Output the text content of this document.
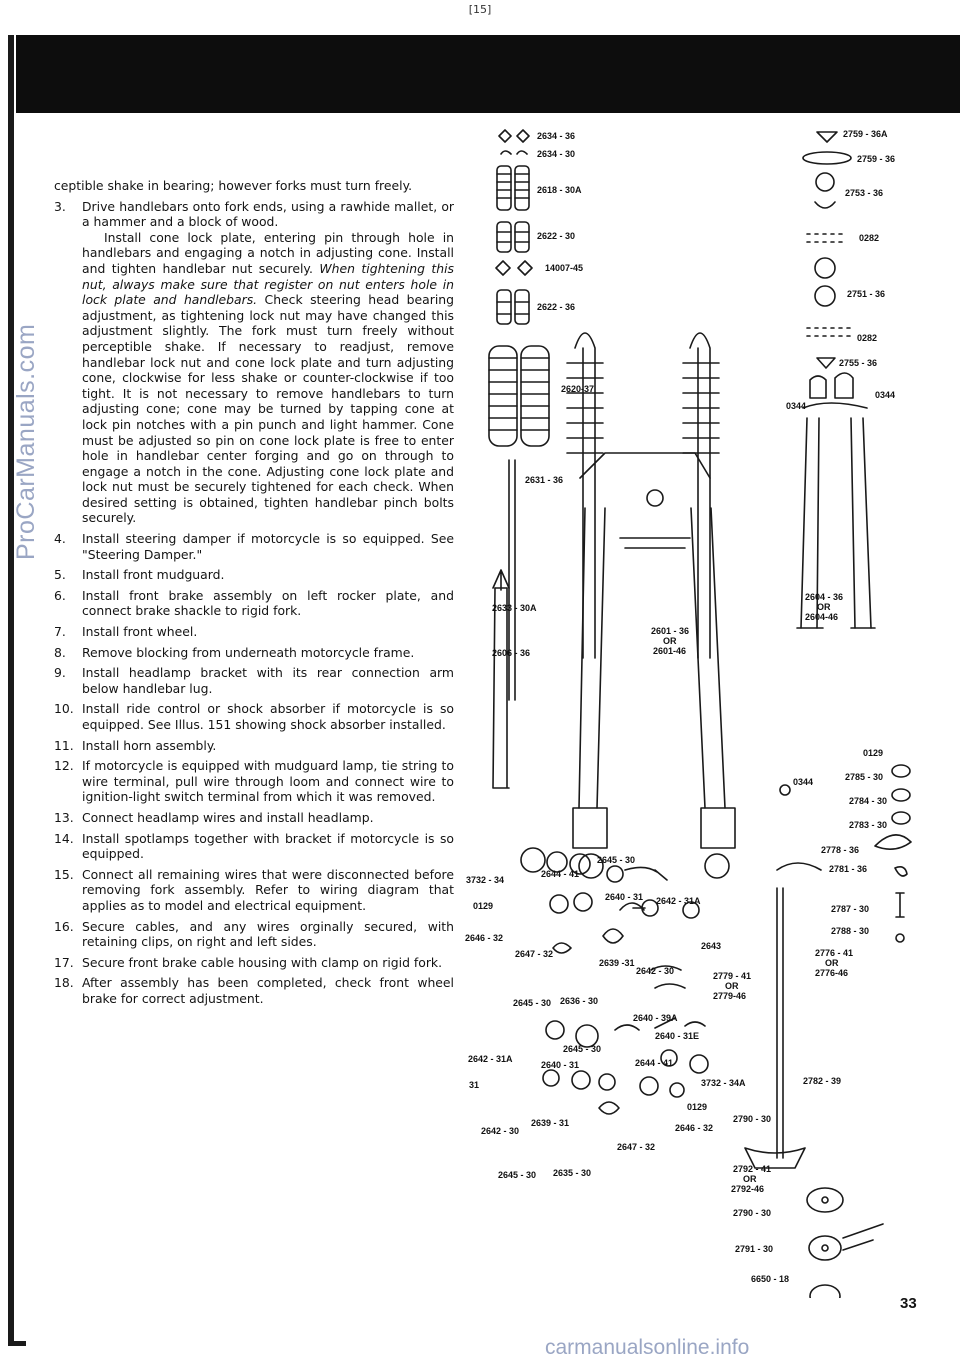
[15]
ProCarManuals.com
carmanualsonline.info
33

ceptible shake in bearing; however forks must turn freely.

3.	Drive handlebars onto fork ends, using a rawhide mallet, or a hammer and a block of wood.

Install cone lock plate, entering pin through hole in handlebars and engaging a notch in adjusting cone. Install and tighten handlebar nut securely. When tightening this nut, always make sure that register on nut enters hole in lock plate and handlebars. Check steering head bearing adjustment, as tightening lock nut may have changed this adjustment slightly. The fork must turn freely without perceptible shake. If necessary to readjust, remove handlebar lock nut and cone lock plate and turn adjusting cone, clockwise for less shake or counter-clockwise if too tight. It is not necessary to remove handlebars to turn adjusting cone; cone may be turned by tapping cone at lock pin notches with a pin punch and light hammer. Cone must be adjusted so pin on cone lock plate is free to enter hole in handlebar center forging and go on through to engage a notch in the cone. Adjusting cone lock plate and lock nut must be securely tightened for each check. When desired setting is obtained, tighten handlebar pinch bolts securely.

4.	Install steering damper if motorcycle is so equipped. See "Steering Damper."
5.	Install front mudguard.
6.	Install front brake assembly on left rocker plate, and connect brake shackle to rigid fork.
7.	Install front wheel.
8.	Remove blocking from underneath motorcycle frame.
9.	Install headlamp bracket with its rear connection arm below handlebar lug.
10. Install ride control or shock absorber if motorcycle is so equipped. See Illus. 151 showing shock absorber installed.
11. Install horn assembly.
12. If motorcycle is equipped with mudguard lamp, tie string to wire terminal, pull wire through loom and connect wire to ignition-light switch terminal from which it was removed.
13. Connect headlamp wires and install headlamp.
14. Install spotlamps together with bracket if motorcycle is so equipped.
15. Connect all remaining wires that were disconnected before removing fork assembly. Refer to wiring diagram that applies as to model and electrical equipment.
16. Secure cables, and any wires orginally secured, with retaining clips, on right and left sides.
17. Secure front brake cable housing with clamp on rigid fork.
18. After assembly has been completed, check front wheel brake for correct adjustment.
2634 - 36
2634 - 30
2618 - 30A
2622 - 30
14007-45
2622 - 36
2620-37
2631 - 36
2633 - 30A
2606 - 36
2601 - 36
OR
2601-46
2759 - 36A
2759 - 36
2753 - 36
0282
2751 - 36
0282
2755 - 36
0344
0344
2604 - 36
OR
2604-46
0129
0344	2785 - 30
2784 - 30
2783 - 30
2778 - 36
2645 - 30
3732 - 34
2644 - 41
2640 - 31 2642 - 31A
0129
2646 - 32
2647 - 32
2639 -31
2643
2642 - 30	2779 - 41
OR
2779-46
2645 - 30 2636 - 30
2640 - 39A
2640 - 31E
2645 - 30
2642 - 31A
2640 - 31	2644 - 41
31	3732 - 34A
0129
2642 - 30
2639 - 31	2646 - 32
2647 - 32
2645 - 30 2635 - 30
2781 - 36
2787 - 30
2788 - 30
2776 - 41
OR
2776-46
2782 - 39
2790 - 30
2792 - 41
OR
2792-46
2790 - 30
2791 - 30
6650 - 18
